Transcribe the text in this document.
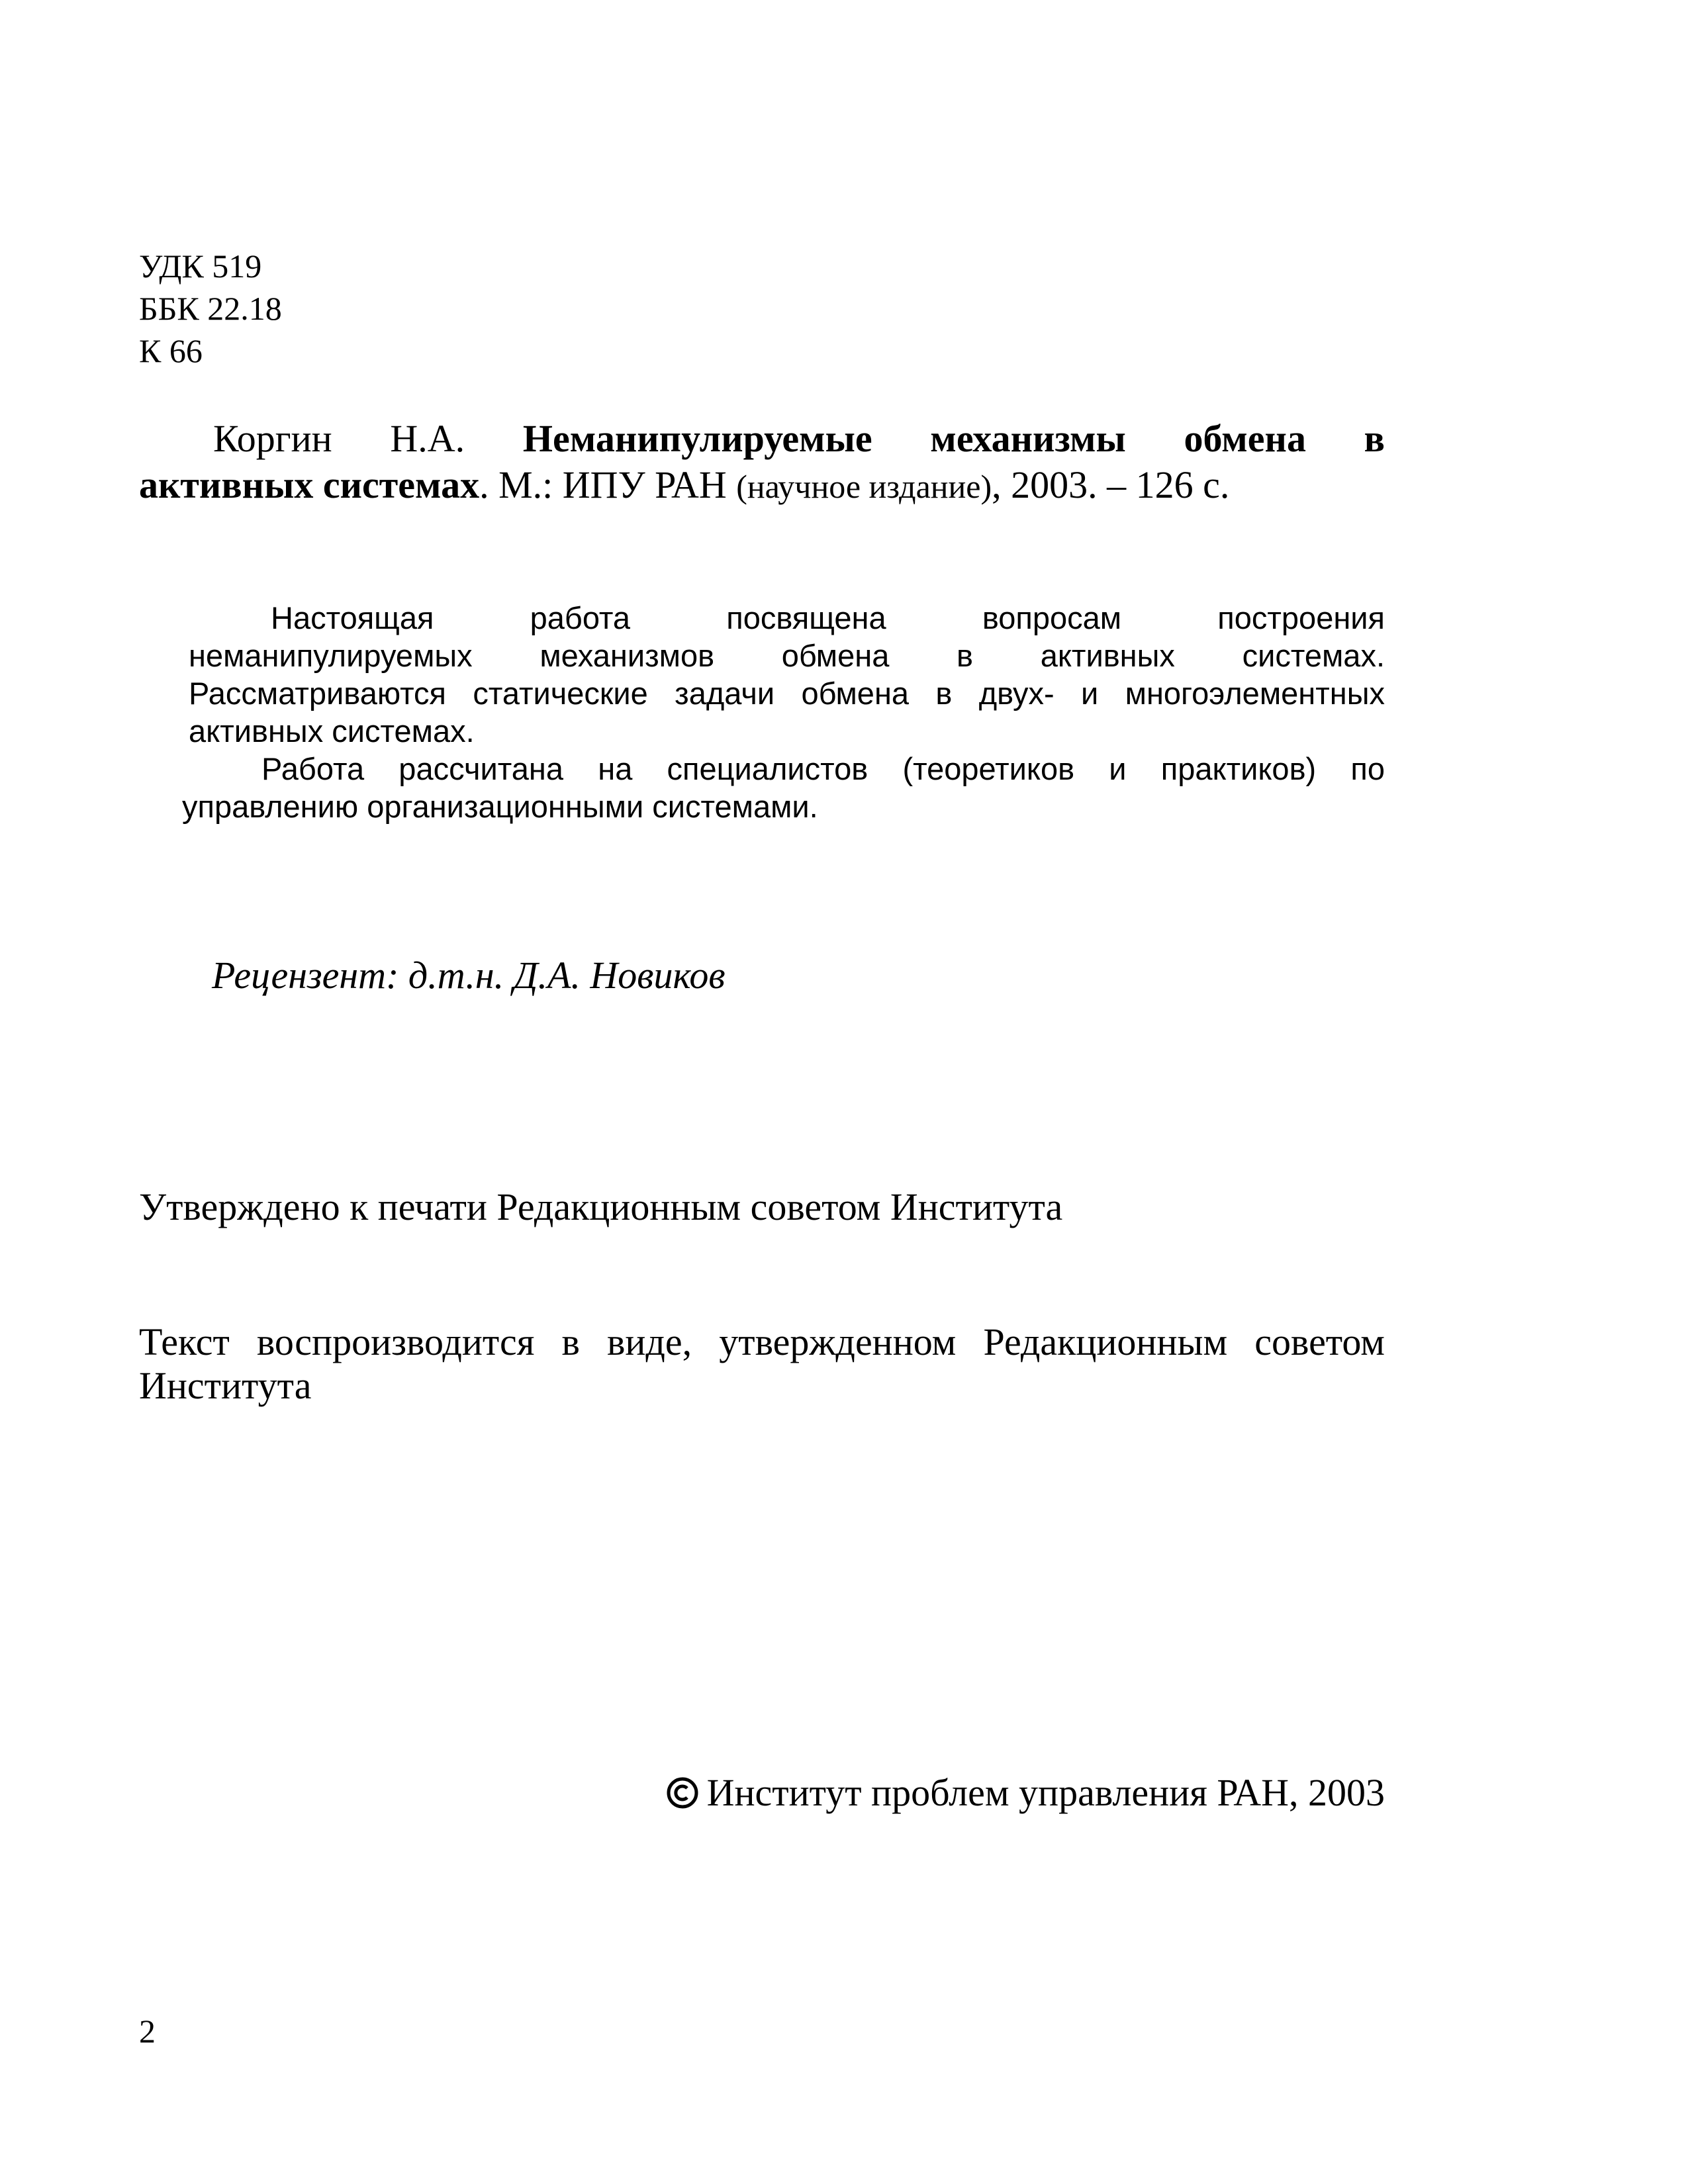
УДК 519
ББК 22.18
К 66
Коргин Н.А. Неманипулируемые механизмы обмена в
активных системах. М.: ИПУ РАН (научное издание), 2003. – 126 с.
Настоящая работа посвящена вопросам построения
неманипулируемых механизмов обмена в активных системах.
Рассматриваются статические задачи обмена в двух- и многоэлементных
активных системах.
Работа рассчитана на специалистов (теоретиков и практиков) по
управлению организационными системами.
Рецензент: д.т.н. Д.А. Новиков
Утверждено к печати Редакционным советом Института
Текст воспроизводится в виде, утвержденном Редакционным советом
Института
Институт проблем управления РАН, 2003
2
